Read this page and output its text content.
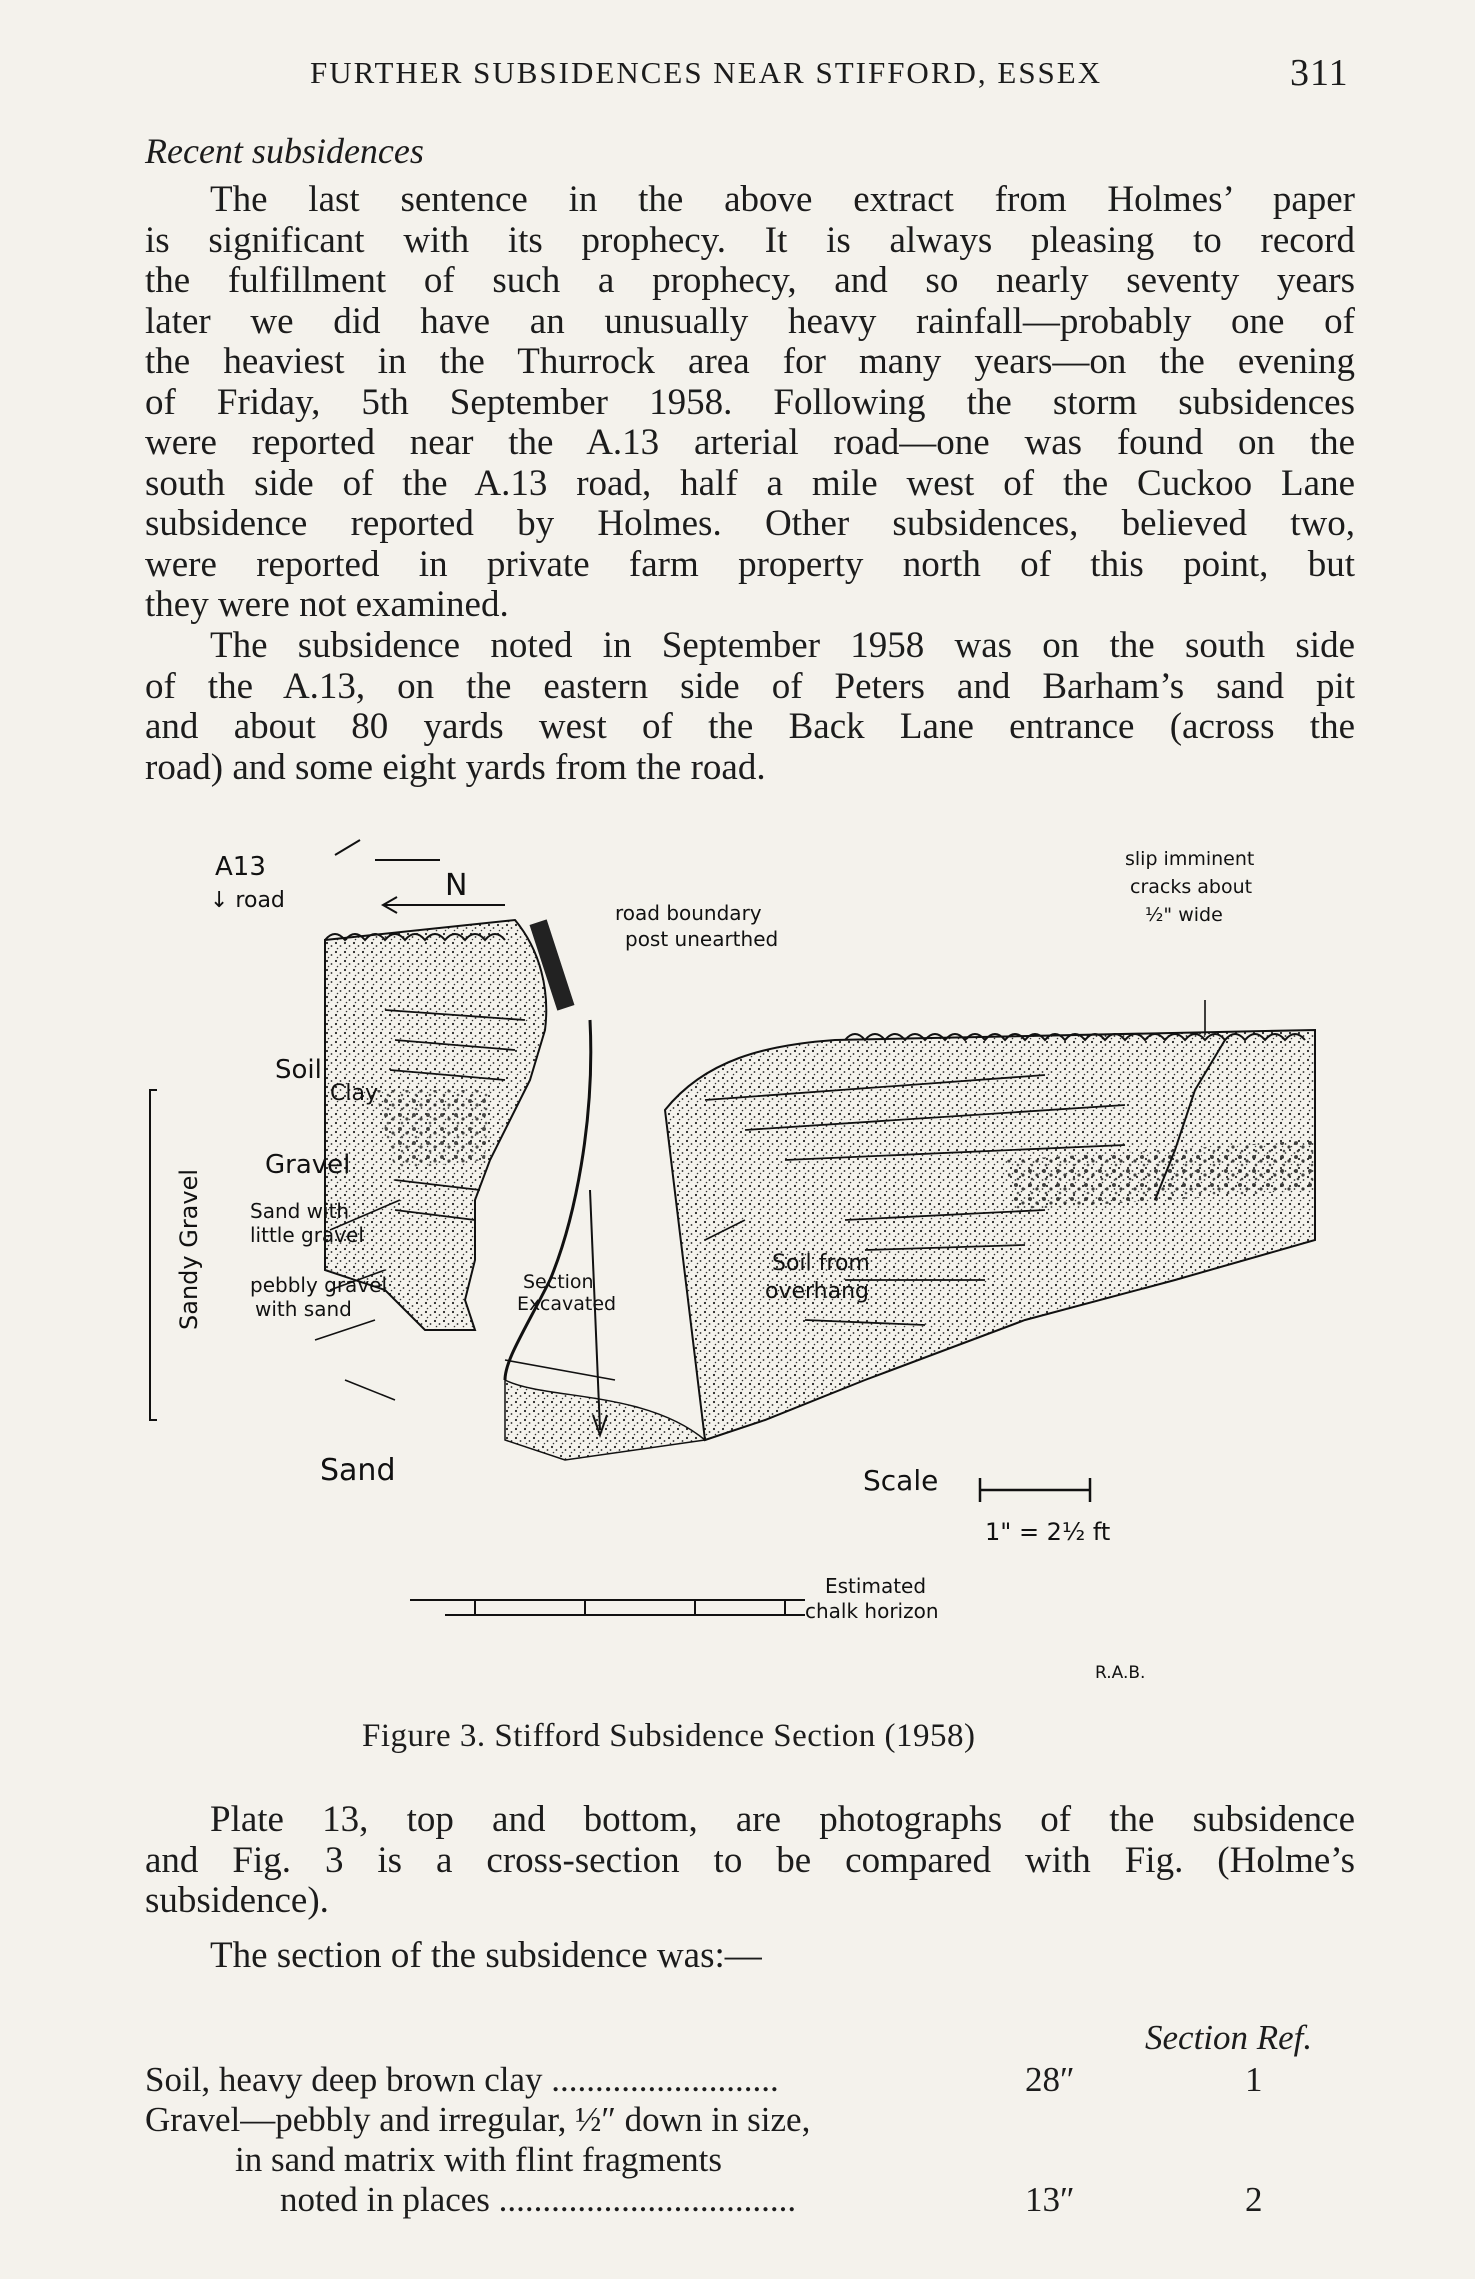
FURTHER SUBSIDENCES NEAR STIFFORD, ESSEX	311
Recent subsidences
The last sentence in the above extract from Holmes’ paper
is significant with its prophecy. It is always pleasing to record
the fulfillment of such a prophecy, and so nearly seventy years
later we did have an unusually heavy rainfall—probably one of
the heaviest in the Thurrock area for many years—on the evening
of Friday, 5th September 1958. Following the storm subsidences
were reported near the A.13 arterial road—one was found on the
south side of the A.13 road, half a mile west of the Cuckoo Lane
subsidence reported by Holmes. Other subsidences, believed two,
were reported in private farm property north of this point, but
they were not examined.
The subsidence noted in September 1958 was on the south side
of the A.13, on the eastern side of Peters and Barham’s sand pit
and about 80 yards west of the Back Lane entrance (across the
road) and some eight yards from the road.
A13
↓ road	N
road boundary
post unearthed
slip imminent
cracks about
½" wide
Soil
Clay
Gravel
Sand with
little gravel
pebbly gravel
with sand
Sandy Gravel	Section
Excavated
Soil from
overhang
Sand	Scale
1" = 2½ ft
Estimated
chalk horizon
R.A.B.
Figure 3. Stifford Subsidence Section (1958)
Plate 13, top and bottom, are photographs of the subsidence
and Fig. 3 is a cross-section to be compared with Fig. (Holme’s
subsidence).
The section of the subsidence was:—
Section Ref.
Soil, heavy deep brown clay ..........................	28″	1
Gravel—pebbly and irregular, ½″ down in size,
in sand matrix with flint fragments
noted in places ..................................	13″	2
